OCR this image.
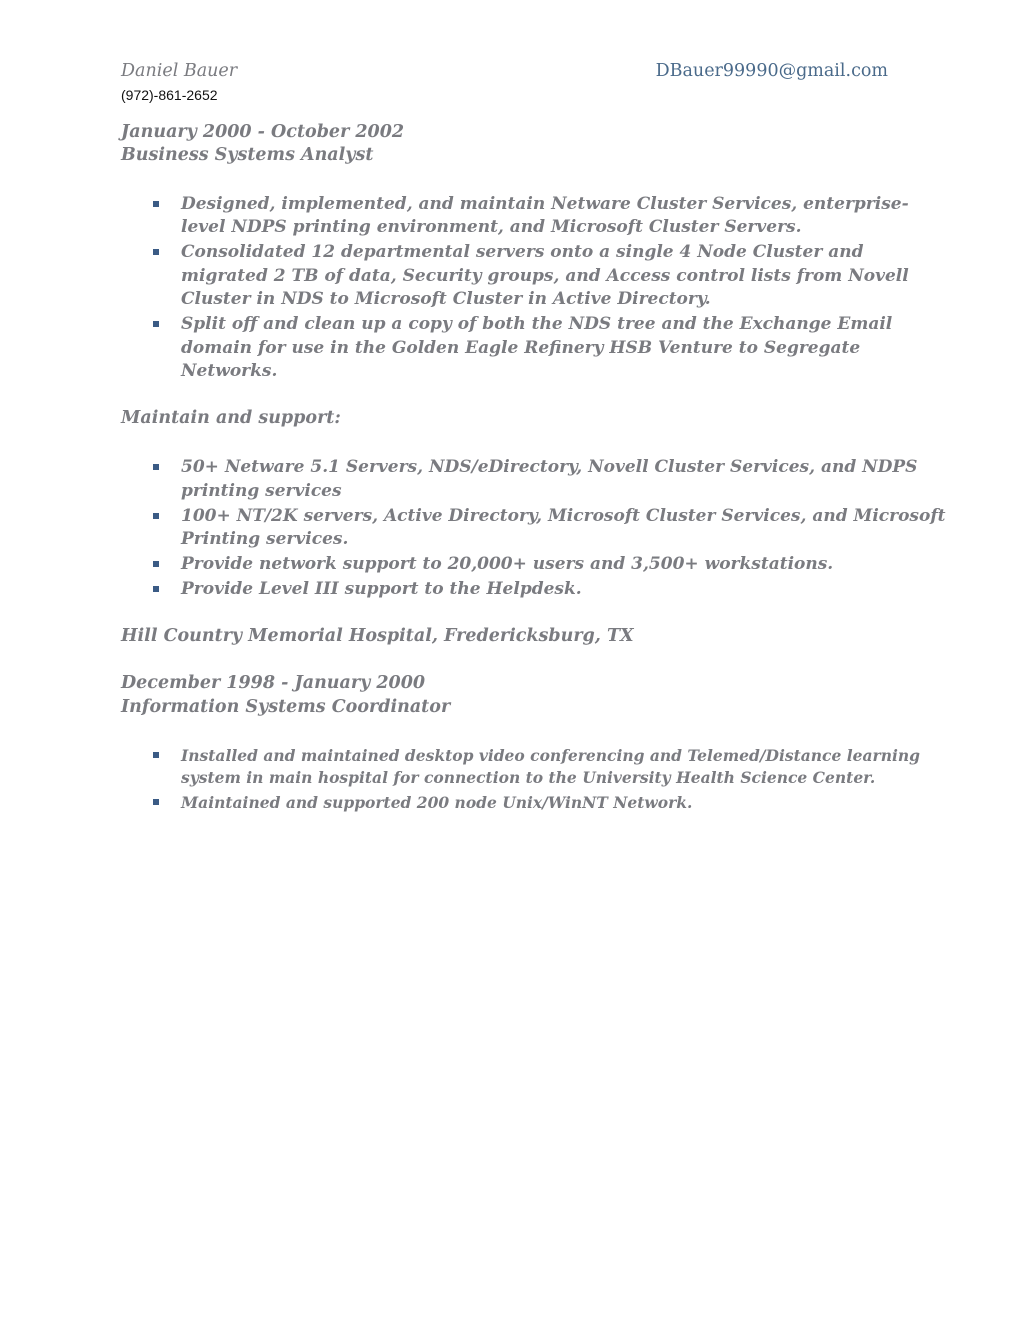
Daniel Bauer	DBauer99990@gmail.com

(972)-861-2652

January 2000 - October 2002

Business Systems Analyst

Designed, implemented, and maintain Netware Cluster Services, enterprise-

level NDPS printing environment, and Microsoft Cluster Servers.

Consolidated 12 departmental servers onto a single 4 Node Cluster and

migrated 2 TB of data, Security groups, and Access control lists from Novell

Cluster in NDS to Microsoft Cluster in Active Directory.

Split off and clean up a copy of both the NDS tree and the Exchange Email

domain for use in the Golden Eagle Refinery HSB Venture to Segregate

Networks.

Maintain and support:

50+ Netware 5.1 Servers, NDS/eDirectory, Novell Cluster Services, and NDPS

printing services

100+ NT/2K servers, Active Directory, Microsoft Cluster Services, and Microsoft

Printing services.

Provide network support to 20,000+ users and 3,500+ workstations.

Provide Level III support to the Helpdesk.

Hill Country Memorial Hospital, Fredericksburg, TX

December 1998 - January 2000

Information Systems Coordinator

Installed and maintained desktop video conferencing and Telemed/Distance learning

system in main hospital for connection to the University Health Science Center.

Maintained and supported 200 node Unix/WinNT Network.
